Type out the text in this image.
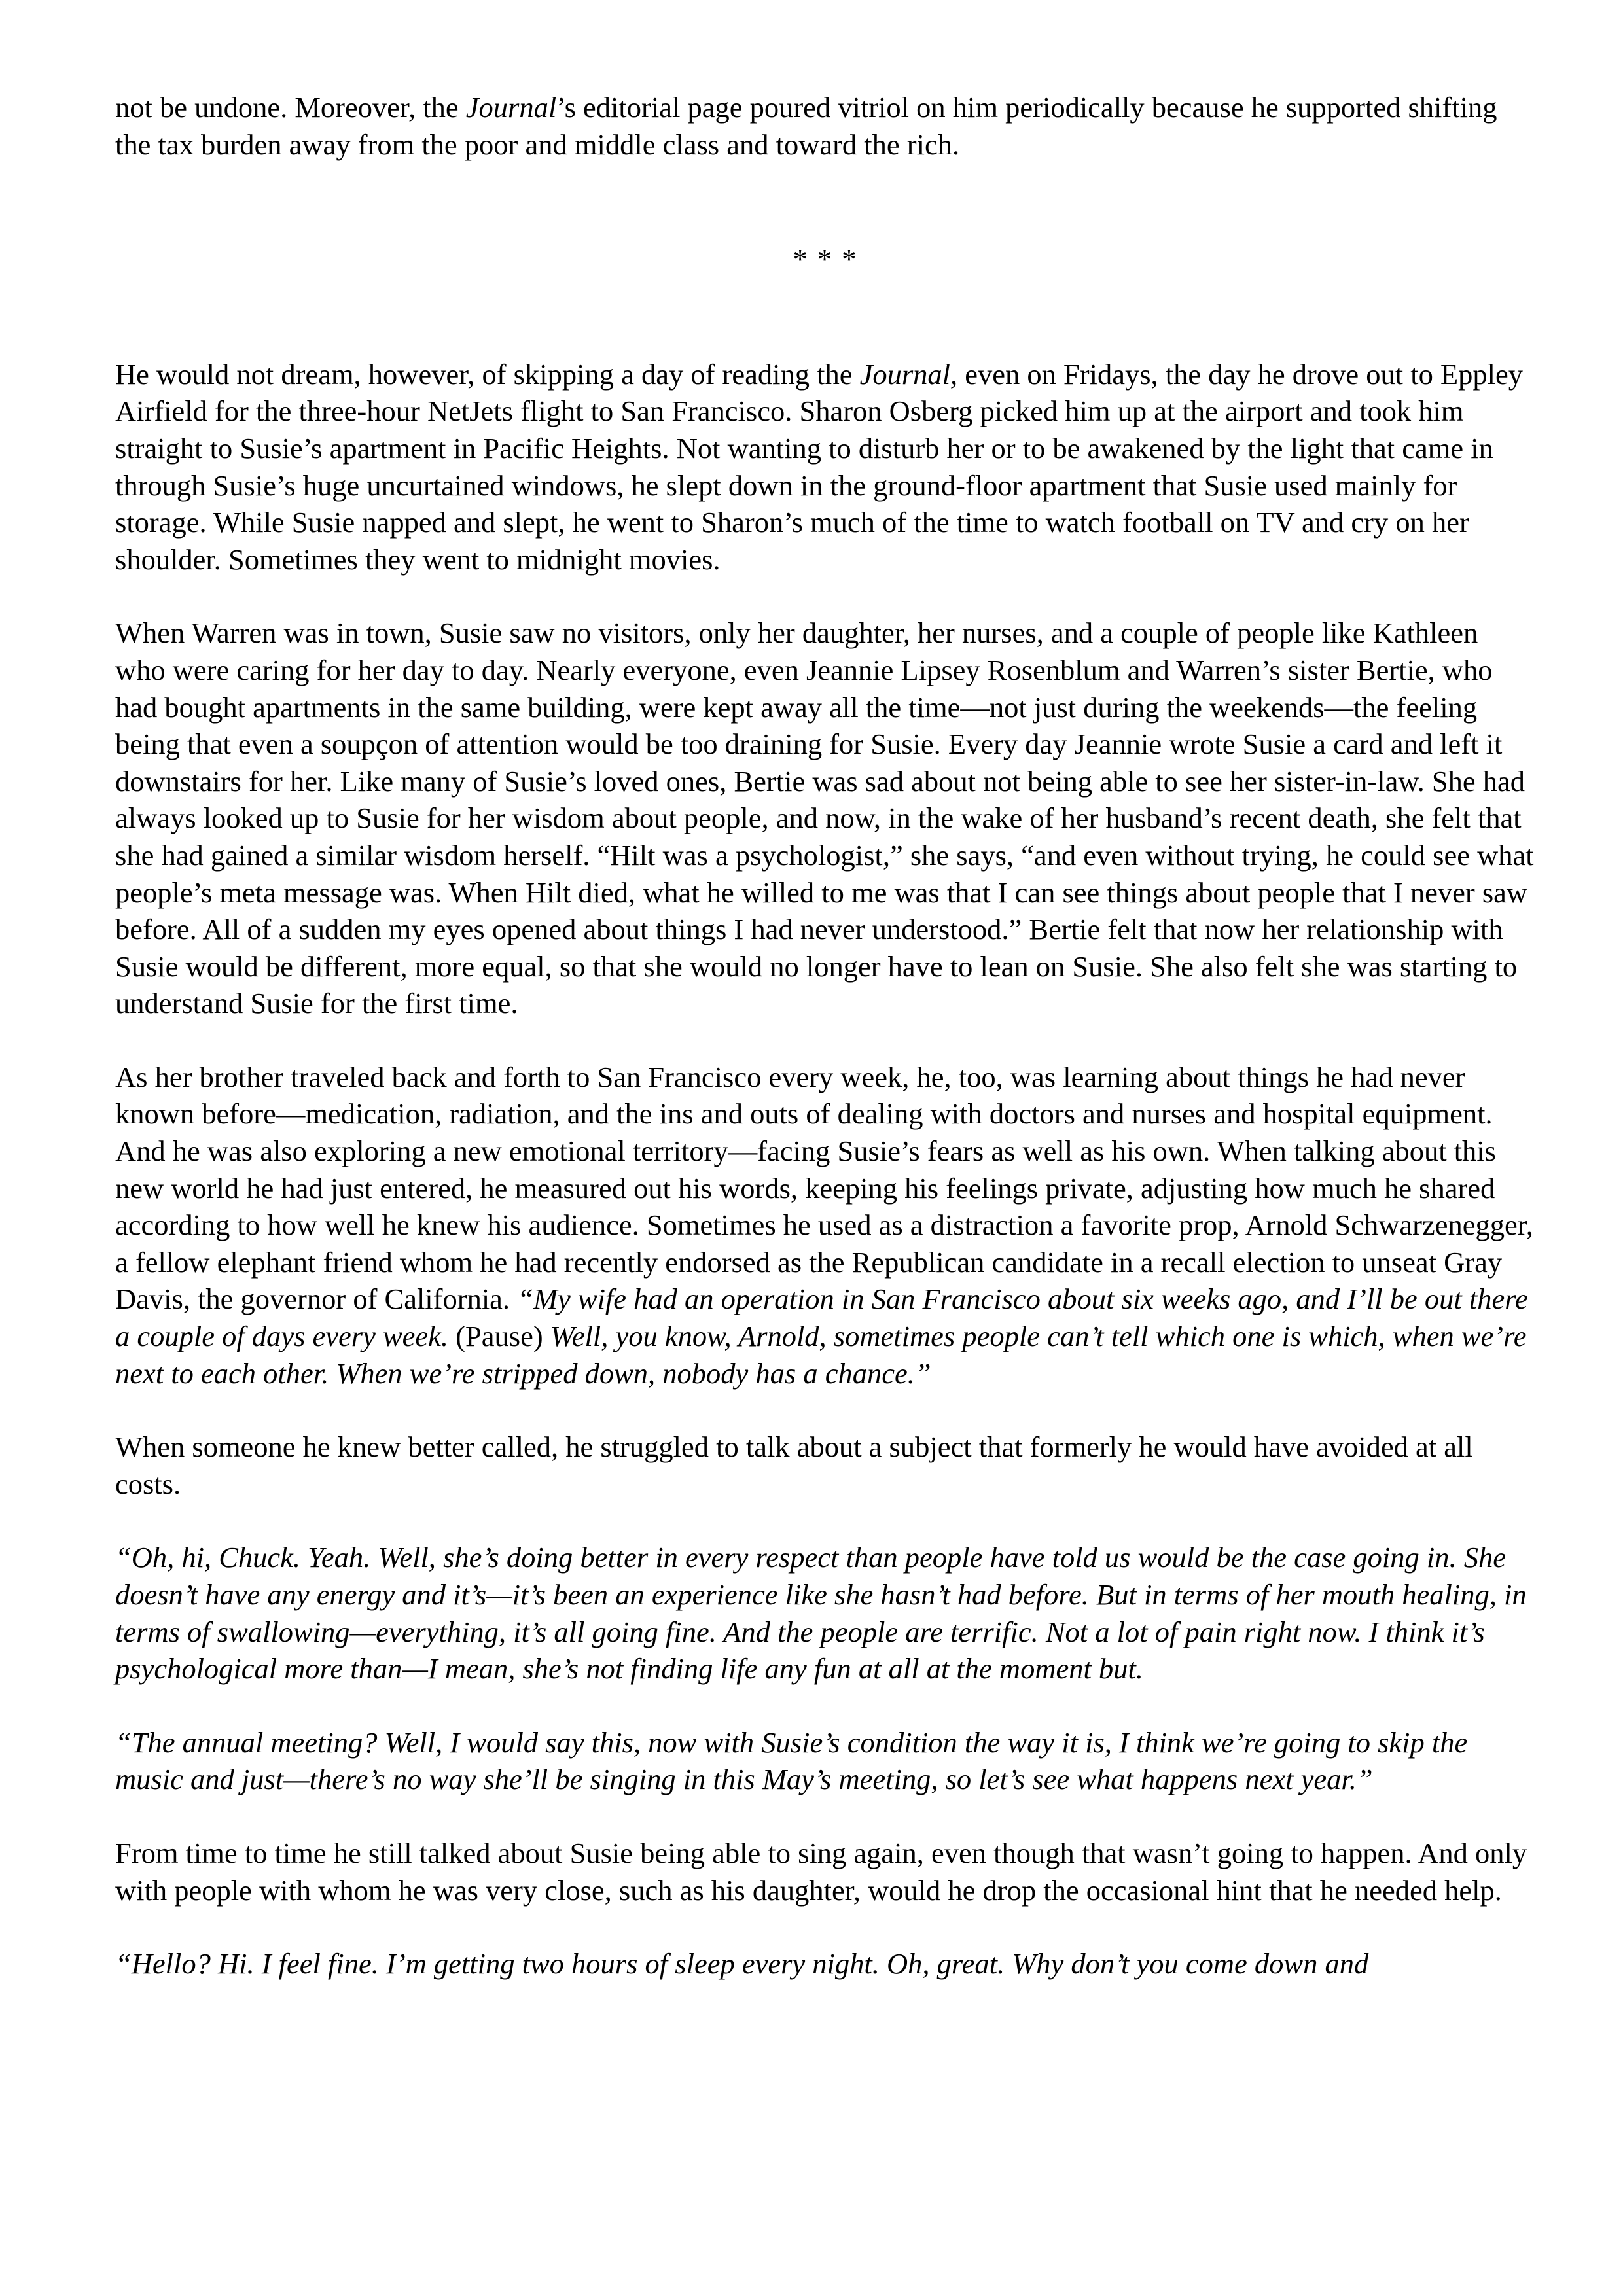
not be undone. Moreover, the Journal’s editorial page poured vitriol on him periodically because he supported shifting the tax burden away from the poor and middle class and toward the rich.

* * *

He would not dream, however, of skipping a day of reading the Journal, even on Fridays, the day he drove out to Eppley Airfield for the three-hour NetJets flight to San Francisco. Sharon Osberg picked him up at the airport and took him straight to Susie’s apartment in Pacific Heights. Not wanting to disturb her or to be awakened by the light that came in through Susie’s huge uncurtained windows, he slept down in the ground-floor apartment that Susie used mainly for storage. While Susie napped and slept, he went to Sharon’s much of the time to watch football on TV and cry on her shoulder. Sometimes they went to midnight movies.

When Warren was in town, Susie saw no visitors, only her daughter, her nurses, and a couple of people like Kathleen who were caring for her day to day. Nearly everyone, even Jeannie Lipsey Rosenblum and Warren’s sister Bertie, who had bought apartments in the same building, were kept away all the time—not just during the weekends—the feeling being that even a soupçon of attention would be too draining for Susie. Every day Jeannie wrote Susie a card and left it downstairs for her. Like many of Susie’s loved ones, Bertie was sad about not being able to see her sister-in-law. She had always looked up to Susie for her wisdom about people, and now, in the wake of her husband’s recent death, she felt that she had gained a similar wisdom herself. “Hilt was a psychologist,” she says, “and even without trying, he could see what people’s meta message was. When Hilt died, what he willed to me was that I can see things about people that I never saw before. All of a sudden my eyes opened about things I had never understood.” Bertie felt that now her relationship with Susie would be different, more equal, so that she would no longer have to lean on Susie. She also felt she was starting to understand Susie for the first time.

As her brother traveled back and forth to San Francisco every week, he, too, was learning about things he had never known before—medication, radiation, and the ins and outs of dealing with doctors and nurses and hospital equipment. And he was also exploring a new emotional territory—facing Susie’s fears as well as his own. When talking about this new world he had just entered, he measured out his words, keeping his feelings private, adjusting how much he shared according to how well he knew his audience. Sometimes he used as a distraction a favorite prop, Arnold Schwarzenegger, a fellow elephant friend whom he had recently endorsed as the Republican candidate in a recall election to unseat Gray Davis, the governor of California. “My wife had an operation in San Francisco about six weeks ago, and I’ll be out there a couple of days every week. (Pause) Well, you know, Arnold, sometimes people can’t tell which one is which, when we’re next to each other. When we’re stripped down, nobody has a chance.”

When someone he knew better called, he struggled to talk about a subject that formerly he would have avoided at all costs.

“Oh, hi, Chuck. Yeah. Well, she’s doing better in every respect than people have told us would be the case going in. She doesn’t have any energy and it’s—it’s been an experience like she hasn’t had before. But in terms of her mouth healing, in terms of swallowing—everything, it’s all going fine. And the people are terrific. Not a lot of pain right now. I think it’s psychological more than—I mean, she’s not finding life any fun at all at the moment but.

“The annual meeting? Well, I would say this, now with Susie’s condition the way it is, I think we’re going to skip the music and just—there’s no way she’ll be singing in this May’s meeting, so let’s see what happens next year.”

From time to time he still talked about Susie being able to sing again, even though that wasn’t going to happen. And only with people with whom he was very close, such as his daughter, would he drop the occasional hint that he needed help.

“Hello? Hi. I feel fine. I’m getting two hours of sleep every night. Oh, great. Why don’t you come down and
